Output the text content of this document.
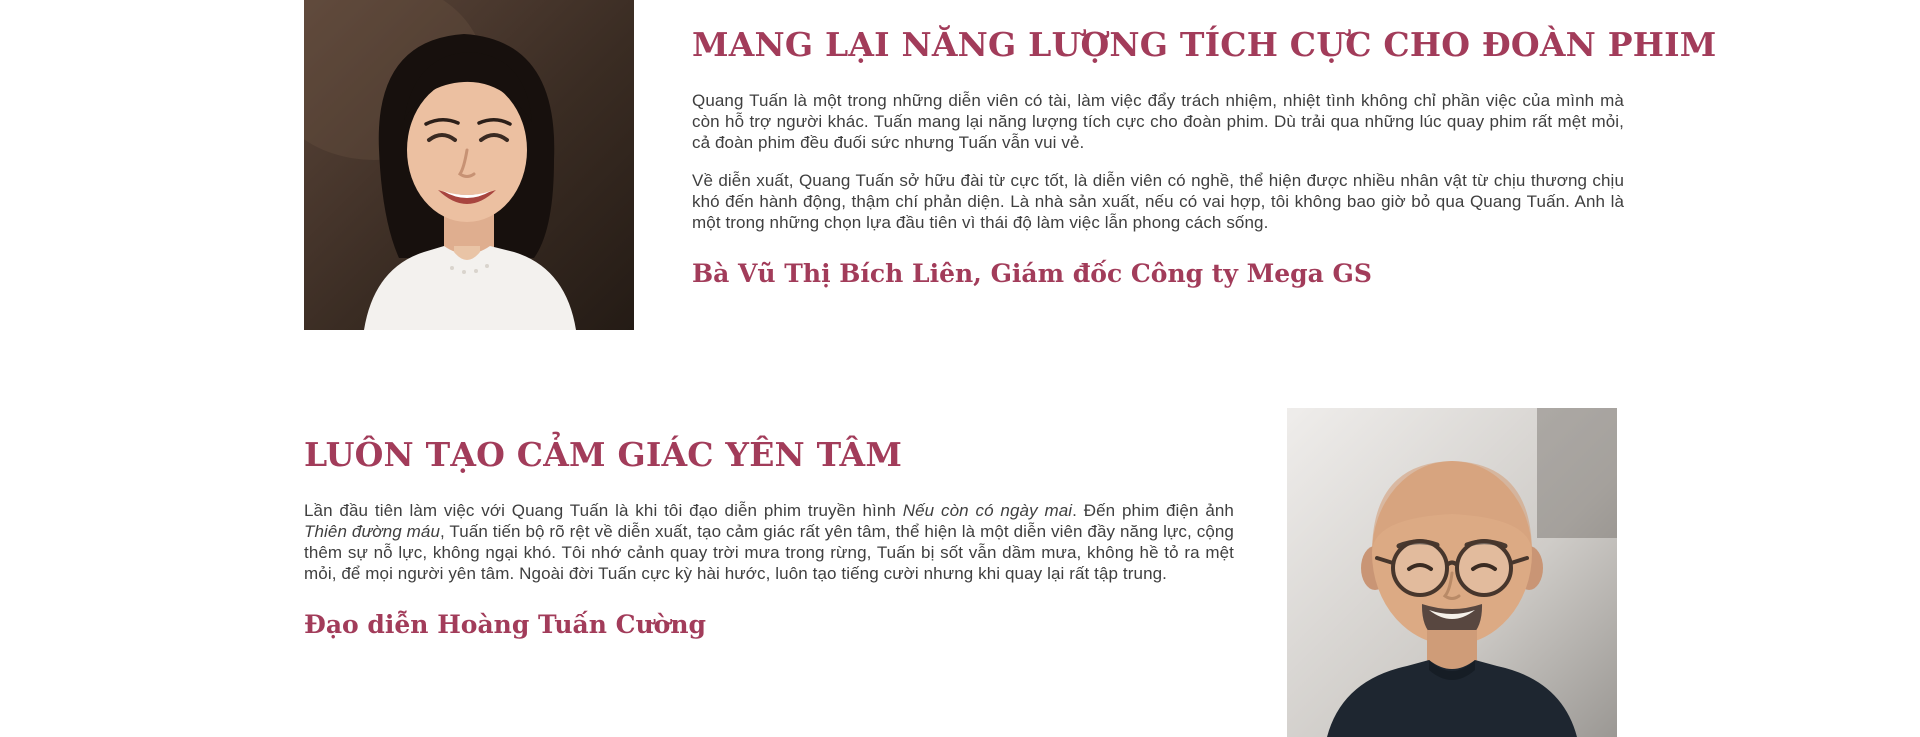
MANG LẠI NĂNG LƯỢNG TÍCH CỰC CHO ĐOÀN PHIM

Quang Tuấn là một trong những diễn viên có tài, làm việc đẩy trách nhiệm, nhiệt tình không chỉ phần việc của mình mà còn hỗ trợ người khác. Tuấn mang lại năng lượng tích cực cho đoàn phim. Dù trải qua những lúc quay phim rất mệt mỏi, cả đoàn phim đều đuối sức nhưng Tuấn vẫn vui vẻ.

Về diễn xuất, Quang Tuấn sở hữu đài từ cực tốt, là diễn viên có nghề, thể hiện được nhiều nhân vật từ chịu thương chịu khó đến hành động, thậm chí phản diện. Là nhà sản xuất, nếu có vai hợp, tôi không bao giờ bỏ qua Quang Tuấn. Anh là một trong những chọn lựa đầu tiên vì thái độ làm việc lẫn phong cách sống.

Bà Vũ Thị Bích Liên, Giám đốc Công ty Mega GS
LUÔN TẠO CẢM GIÁC YÊN TÂM

Lần đầu tiên làm việc với Quang Tuấn là khi tôi đạo diễn phim truyền hình Nếu còn có ngày mai. Đến phim điện ảnh Thiên đường máu, Tuấn tiến bộ rõ rệt về diễn xuất, tạo cảm giác rất yên tâm, thể hiện là một diễn viên đầy năng lực, cộng thêm sự nỗ lực, không ngại khó. Tôi nhớ cảnh quay trời mưa trong rừng, Tuấn bị sốt vẫn dầm mưa, không hề tỏ ra mệt mỏi, để mọi người yên tâm. Ngoài đời Tuấn cực kỳ hài hước, luôn tạo tiếng cười nhưng khi quay lại rất tập trung.

Đạo diễn Hoàng Tuấn Cường
